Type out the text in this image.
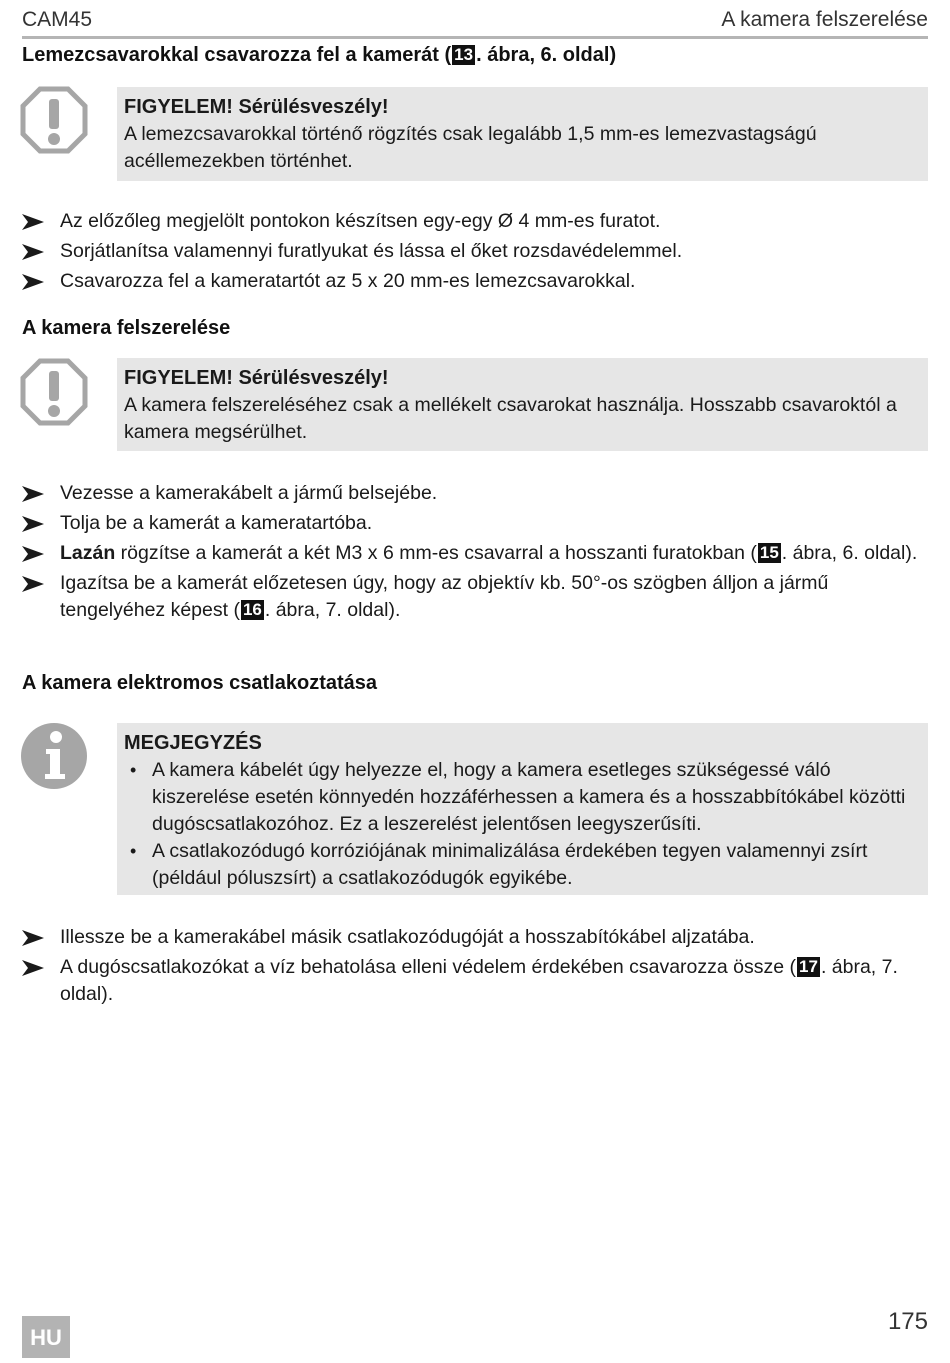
CAM45	A kamera felszerelése
Lemezcsavarokkal csavarozza fel a kamerát ( 13 . ábra, 6. oldal)
FIGYELEM! Sérülésveszély!
A lemezcsavarokkal történő rögzítés csak legalább 1,5 mm-es lemezvastagságú acéllemezekben történhet.
Az előzőleg megjelölt pontokon készítsen egy-egy Ø 4 mm-es furatot.
Sorjátlanítsa valamennyi furatlyukat és lássa el őket rozsdavédelemmel.
Csavarozza fel a kameratartót az 5 x 20 mm-es lemezcsavarokkal.
A kamera felszerelése
FIGYELEM! Sérülésveszély!
A kamera felszereléséhez csak a mellékelt csavarokat használja. Hosszabb csavaroktól a kamera megsérülhet.
Vezesse a kamerakábelt a jármű belsejébe.
Tolja be a kamerát a kameratartóba.
Lazán rögzítse a kamerát a két M3 x 6 mm-es csavarral a hosszanti furatokban ( 15 . ábra, 6. oldal).
Igazítsa be a kamerát előzetesen úgy, hogy az objektív kb. 50°-os szögben álljon a jármű tengelyéhez képest ( 16 . ábra, 7. oldal).
A kamera elektromos csatlakoztatása
MEGJEGYZÉS
• A kamera kábelét úgy helyezze el, hogy a kamera esetleges szükségessé váló kiszerelése esetén könnyedén hozzáférhessen a kamera és a hosszabbítókábel közötti dugóscsatlakozóhoz. Ez a leszerelést jelentősen leegyszerűsíti.
• A csatlakozódugó korróziójának minimalizálása érdekében tegyen valamennyi zsírt (például póluszsírt) a csatlakozódugók egyikébe.
Illessze be a kamerakábel másik csatlakozódugóját a hosszabítókábel aljzatába.
A dugóscsatlakozókat a víz behatolása elleni védelem érdekében csavarozza össze ( 17 . ábra, 7. oldal).
HU
175
